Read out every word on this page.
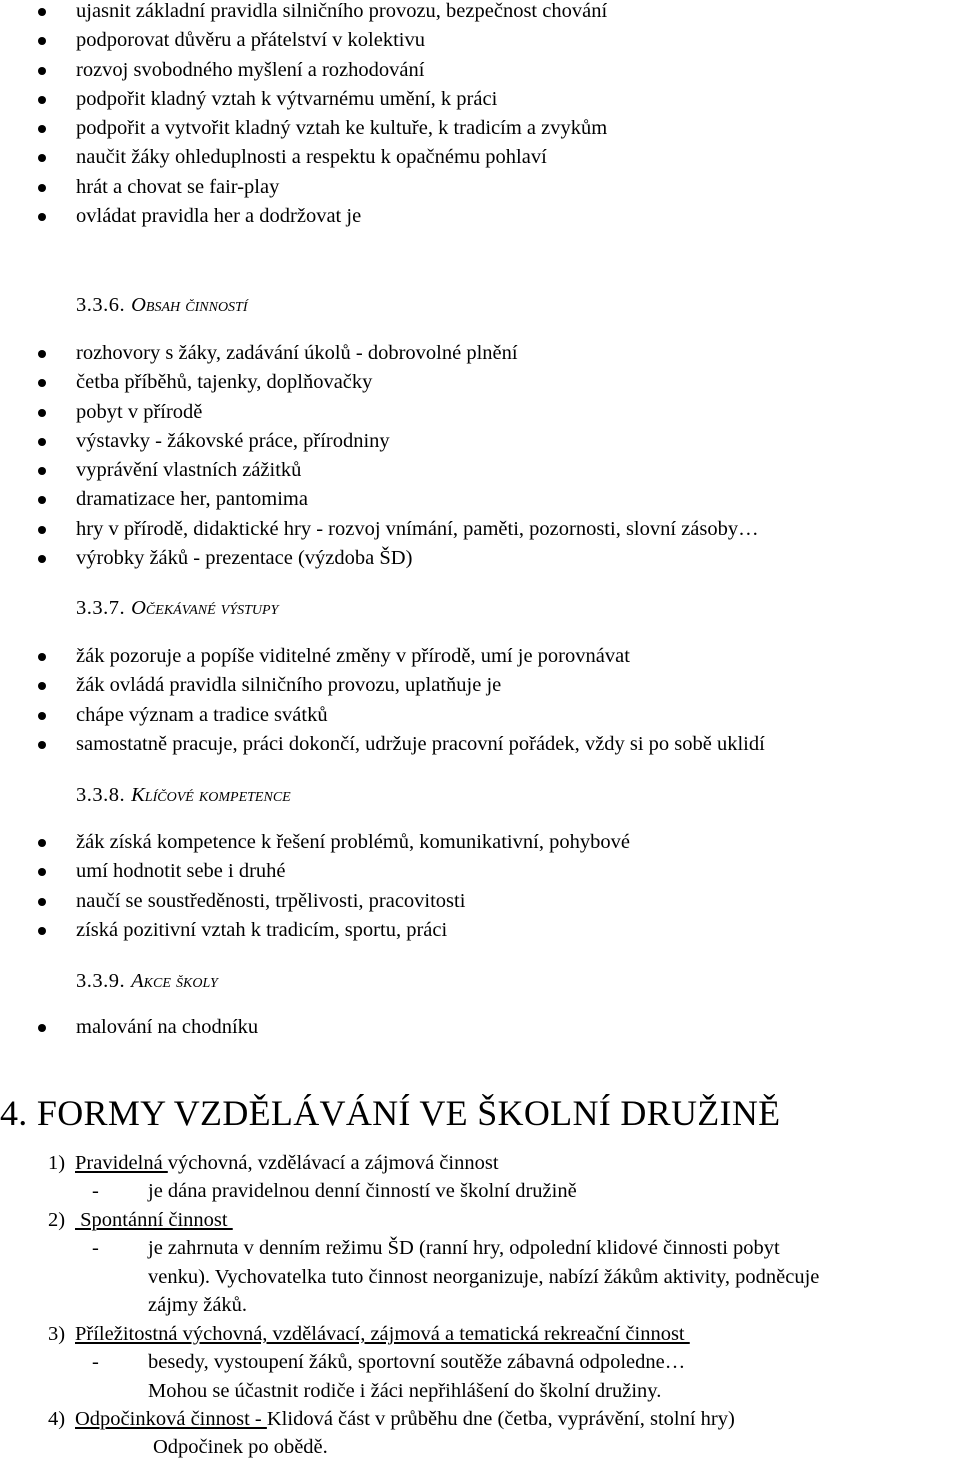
ujasnit základní pravidla silničního provozu, bezpečnost chování
podporovat důvěru a přátelství v kolektivu
rozvoj svobodného myšlení a rozhodování
podpořit kladný vztah k výtvarnému umění, k práci
podpořit a vytvořit kladný vztah ke kultuře, k tradicím a zvykům
naučit žáky ohleduplnosti a respektu k opačnému pohlaví
hrát a chovat se fair-play
ovládat pravidla her a dodržovat je
3.3.6. Obsah činností
rozhovory s žáky, zadávání úkolů - dobrovolné plnění
četba příběhů, tajenky, doplňovačky
pobyt v přírodě
výstavky - žákovské práce, přírodniny
vyprávění vlastních zážitků
dramatizace her, pantomima
hry v přírodě, didaktické hry - rozvoj vnímání, paměti, pozornosti, slovní zásoby…
výrobky žáků - prezentace (výzdoba ŠD)
3.3.7. Očekávané výstupy
žák pozoruje a popíše viditelné změny v přírodě, umí je porovnávat
žák ovládá pravidla silničního provozu, uplatňuje je
chápe význam a tradice svátků
samostatně pracuje, práci dokončí, udržuje pracovní pořádek, vždy si po sobě uklidí
3.3.8. Klíčové kompetence
žák získá kompetence k řešení problémů, komunikativní, pohybové
umí hodnotit sebe i druhé
naučí se soustředěnosti, trpělivosti, pracovitosti
získá pozitivní vztah k tradicím, sportu, práci
3.3.9. Akce školy
malování na chodníku
4. FORMY VZDĚLÁVÁNÍ VE ŠKOLNÍ DRUŽINĚ
1) Pravidelná výchovná, vzdělávací a zájmová činnost
- je dána pravidelnou denní činností ve školní družině
2) Spontánní činnost
- je zahrnuta v denním režimu ŠD (ranní hry, odpolední klidové činnosti pobyt
venku). Vychovatelka tuto činnost neorganizuje, nabízí žákům aktivity, podněcuje
zájmy žáků.
3) Příležitostná výchovná, vzdělávací, zájmová a tematická rekreační činnost
- besedy, vystoupení žáků, sportovní soutěže zábavná odpoledne…
Mohou se účastnit rodiče i žáci nepřihlášení do školní družiny.
4) Odpočinková činnost - Klidová část v průběhu dne (četba, vyprávění, stolní hry)
Odpočinek po obědě.
